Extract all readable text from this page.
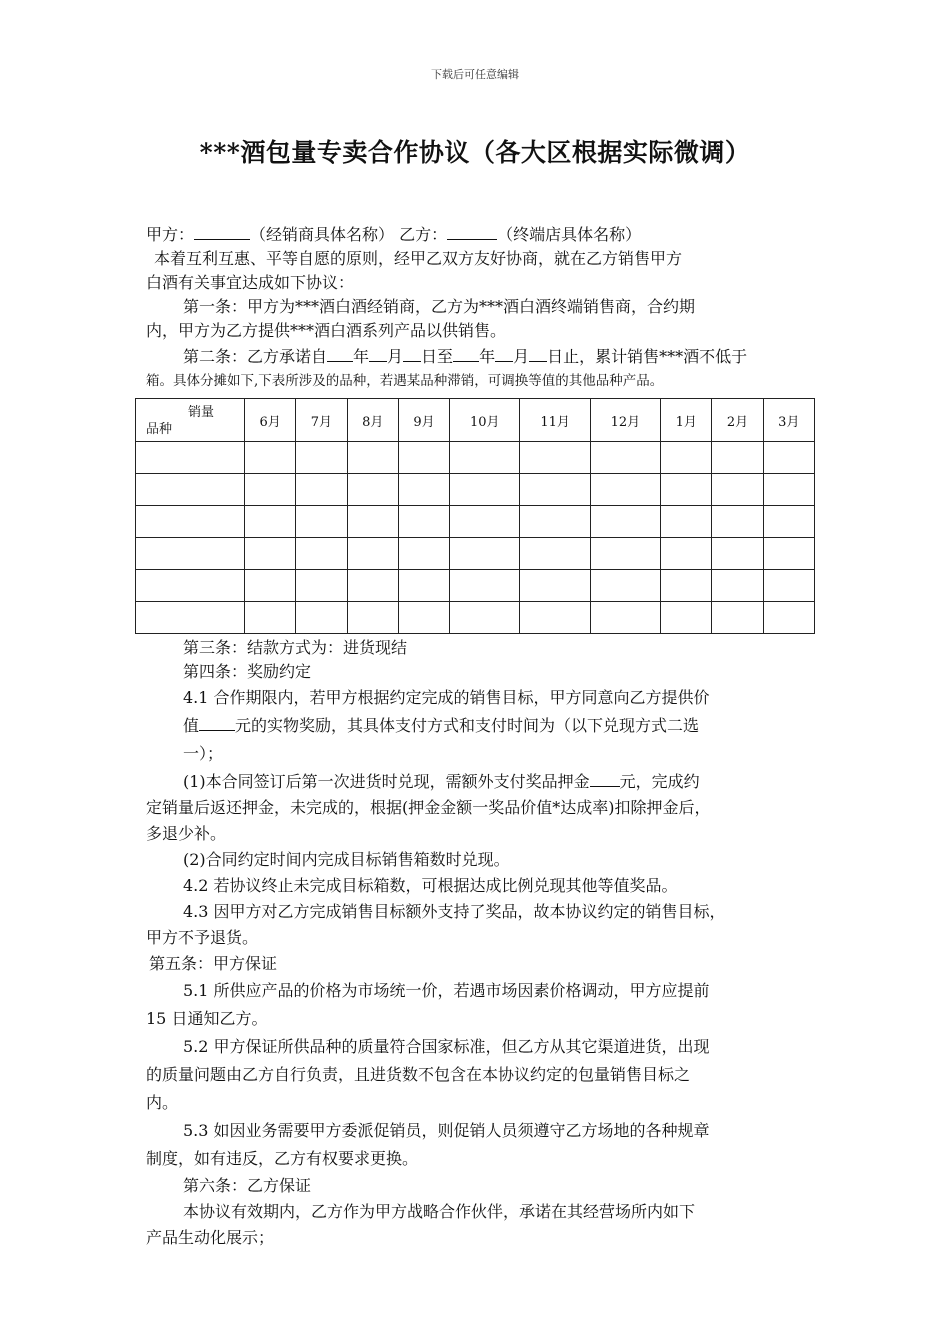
下载后可任意编辑
***酒包量专卖合作协议（各大区根据实际微调）

甲方：	（经销商具体名称） 乙方：	（终端店具体名称）

本着互利互惠、平等自愿的原则，经甲乙双方友好协商，就在乙方销售甲方

白酒有关事宜达成如下协议：

第一条：甲方为***酒白酒经销商，乙方为***酒白酒终端销售商，合约期

内，甲方为乙方提供***酒白酒系列产品以供销售。

第二条：乙方承诺自 年 月 日至 年 月 日止，累计销售***酒不低于

箱。具体分摊如下,下表所涉及的品种，若遇某品种滞销，可调换等值的其他品种产品。

销量
品种	6月	7月	8月	9月	10月	11月	12月	1月	2月	3月

第三条：结款方式为：进货现结

第四条：奖励约定

4.1 合作期限内，若甲方根据约定完成的销售目标，甲方同意向乙方提供价

值 元的实物奖励，其具体支付方式和支付时间为（以下兑现方式二选

一）；

(1)本合同签订后第一次进货时兑现，需额外支付奖品押金 元，完成约

定销量后返还押金，未完成的，根据(押金金额一奖品价值*达成率)扣除押金后，

多退少补。

(2)合同约定时间内完成目标销售箱数时兑现。

4.2 若协议终止未完成目标箱数，可根据达成比例兑现其他等值奖品。

4.3 因甲方对乙方完成销售目标额外支持了奖品，故本协议约定的销售目标，

甲方不予退货。

第五条：甲方保证

5.1 所供应产品的价格为市场统一价，若遇市场因素价格调动，甲方应提前

15 日通知乙方。

5.2 甲方保证所供品种的质量符合国家标准，但乙方从其它渠道进货，出现

的质量问题由乙方自行负责，且进货数不包含在本协议约定的包量销售目标之

内。

5.3 如因业务需要甲方委派促销员，则促销人员须遵守乙方场地的各种规章

制度，如有违反，乙方有权要求更换。

第六条：乙方保证

本协议有效期内，乙方作为甲方战略合作伙伴，承诺在其经营场所内如下

产品生动化展示；
